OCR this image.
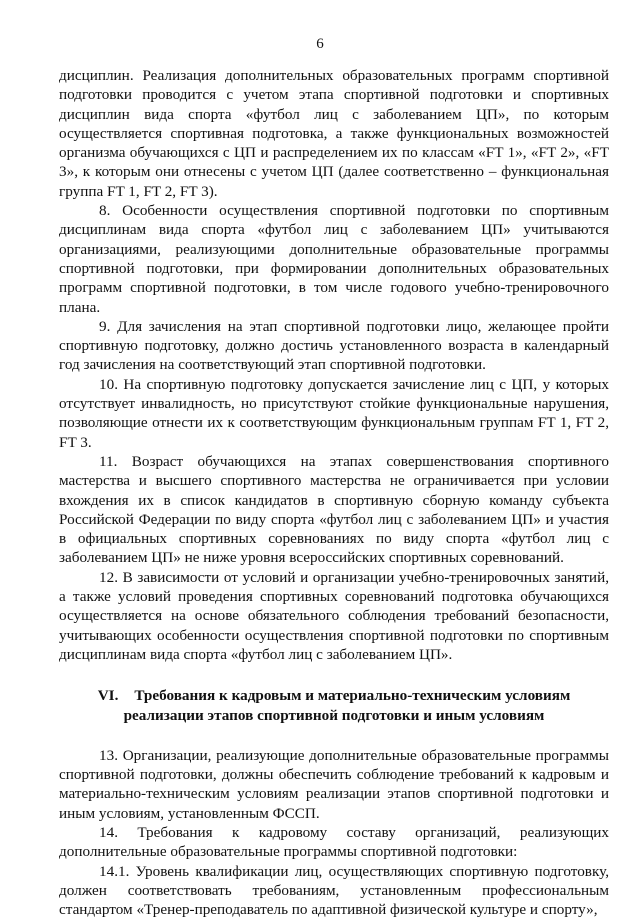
6

дисциплин. Реализация дополнительных образовательных программ спортивной подготовки проводится с учетом этапа спортивной подготовки и спортивных дисциплин вида спорта «футбол лиц с заболеванием ЦП», по которым осуществляется спортивная подготовка, а также функциональных возможностей организма обучающихся с ЦП и распределением их по классам «FT 1», «FT 2», «FT 3», к которым они отнесены с учетом ЦП (далее соответственно – функциональная группа FT 1, FT 2, FT 3).

8. Особенности осуществления спортивной подготовки по спортивным дисциплинам вида спорта «футбол лиц с заболеванием ЦП» учитываются организациями, реализующими дополнительные образовательные программы спортивной подготовки, при формировании дополнительных образовательных программ спортивной подготовки, в том числе годового учебно-тренировочного плана.

9. Для зачисления на этап спортивной подготовки лицо, желающее пройти спортивную подготовку, должно достичь установленного возраста в календарный год зачисления на соответствующий этап спортивной подготовки.

10. На спортивную подготовку допускается зачисление лиц с ЦП, у которых отсутствует инвалидность, но присутствуют стойкие функциональные нарушения, позволяющие отнести их к соответствующим функциональным группам FT 1, FT 2, FT 3.

11. Возраст обучающихся на этапах совершенствования спортивного мастерства и высшего спортивного мастерства не ограничивается при условии вхождения их в список кандидатов в спортивную сборную команду субъекта Российской Федерации по виду спорта «футбол лиц с заболеванием ЦП» и участия в официальных спортивных соревнованиях по виду спорта «футбол лиц с заболеванием ЦП» не ниже уровня всероссийских спортивных соревнований.

12. В зависимости от условий и организации учебно-тренировочных занятий, а также условий проведения спортивных соревнований подготовка обучающихся осуществляется на основе обязательного соблюдения требований безопасности, учитывающих особенности осуществления спортивной подготовки по спортивным дисциплинам вида спорта «футбол лиц с заболеванием ЦП».

VI. Требования к кадровым и материально-техническим условиям
реализации этапов спортивной подготовки и иным условиям

13. Организации, реализующие дополнительные образовательные программы спортивной подготовки, должны обеспечить соблюдение требований к кадровым и материально-техническим условиям реализации этапов спортивной подготовки и иным условиям, установленным ФССП.

14. Требования к кадровому составу организаций, реализующих дополнительные образовательные программы спортивной подготовки:

14.1. Уровень квалификации лиц, осуществляющих спортивную подготовку, должен соответствовать требованиям, установленным профессиональным стандартом «Тренер-преподаватель по адаптивной физической культуре и спорту»,
